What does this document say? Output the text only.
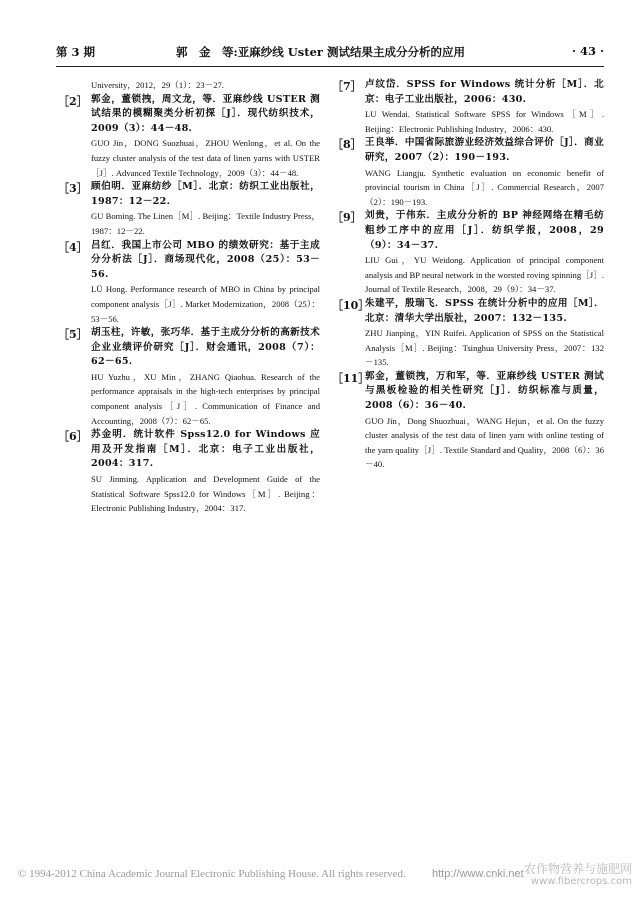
第 3 期	郭　金　等:亚麻纱线 Uster 测试结果主成分分析的应用	· 43 ·
University，2012，29（1）：23－27.
［2］ 郭金，董锁拽，周文龙，等．亚麻纱线 USTER 测试结果的模糊聚类分析初探［J］．现代纺织技术，2009（3）：44－48.
GUO Jin，DONG Suozhuai，ZHOU Wenlong，et al. On the fuzzy cluster analysis of the test data of linen yarns with USTER［J］. Advanced Textile Technology，2009（3）：44－48.
［3］ 顾伯明．亚麻纺纱［M］．北京：纺织工业出版社，1987：12－22.
GU Boming. The Linen［M］. Beijing：Textile Industry Press，1987：12－22.
［4］ 吕红．我国上市公司 MBO 的绩效研究：基于主成分分析法［J］．商场现代化，2008（25）：53－56.
LÜ Hong. Performance research of MBO in China by principal component analysis［J］. Market Modernization，2008（25）：53－56.
［5］ 胡玉柱，许敏，张巧华．基于主成分分析的高新技术企业业绩评价研究［J］．财会通讯，2008（7）：62－65.
HU Yuzhu，XU Min，ZHANG Qiaohua. Research of the performance appraisals in the high-tech enterprises by principal component analysis［J］. Communication of Finance and Accounting，2008（7）：62－65.
［6］ 苏金明．统计软件 Spss12.0 for Windows 应用及开发指南［M］．北京：电子工业出版社，2004：317.
SU Jinming. Application and Development Guide of the Statistical Software Spss12.0 for Windows［M］. Beijing：Electronic Publishing Industry，2004：317.
［7］ 卢纹岱．SPSS for Windows 统计分析［M］．北京：电子工业出版社，2006：430.
LU Wendai. Statistical Software SPSS for Windows［M］. Beijing：Electronic Publishing Industry，2006：430.
［8］ 王良举．中国省际旅游业经济效益综合评价［J］．商业研究，2007（2）：190－193.
WANG Liangju. Synthetic evaluation on economic benefit of provincial tourism in China［J］. Commercial Research，2007（2）：190－193.
［9］ 刘贵，于伟东．主成分分析的 BP 神经网络在精毛纺粗纱工序中的应用［J］．纺织学报，2008，29（9）：34－37.
LIU Gui，YU Weidong. Application of principal component analysis and BP neural network in the worsted roving spinning［J］. Journal of Textile Research，2008，29（9）：34－37.
［10］
朱建平，殷瑞飞．SPSS 在统计分析中的应用［M］．北京：清华大学出版社，2007：132－135.
ZHU Jianping，YIN Ruifei. Application of SPSS on the Statistical Analysis［M］. Beijing：Tsinghua University Press，2007：132－135.
［11］
郭金，董锁拽，万和军，等．亚麻纱线 USTER 测试与黑板检验的相关性研究［J］．纺织标准与质量，2008（6）：36－40.
GUO Jin，Dong Shuozhuai，WANG Hejun，et al. On the fuzzy cluster analysis of the test data of linen yarn with online testing of the yarn quality［J］. Textile Standard and Quality，2008（6）：36－40.
© 1994-2012 China Academic Journal Electronic Publishing House. All rights reserved.	http://www.cnki.net 农作物营养与施肥网
www.fibercrops.com
